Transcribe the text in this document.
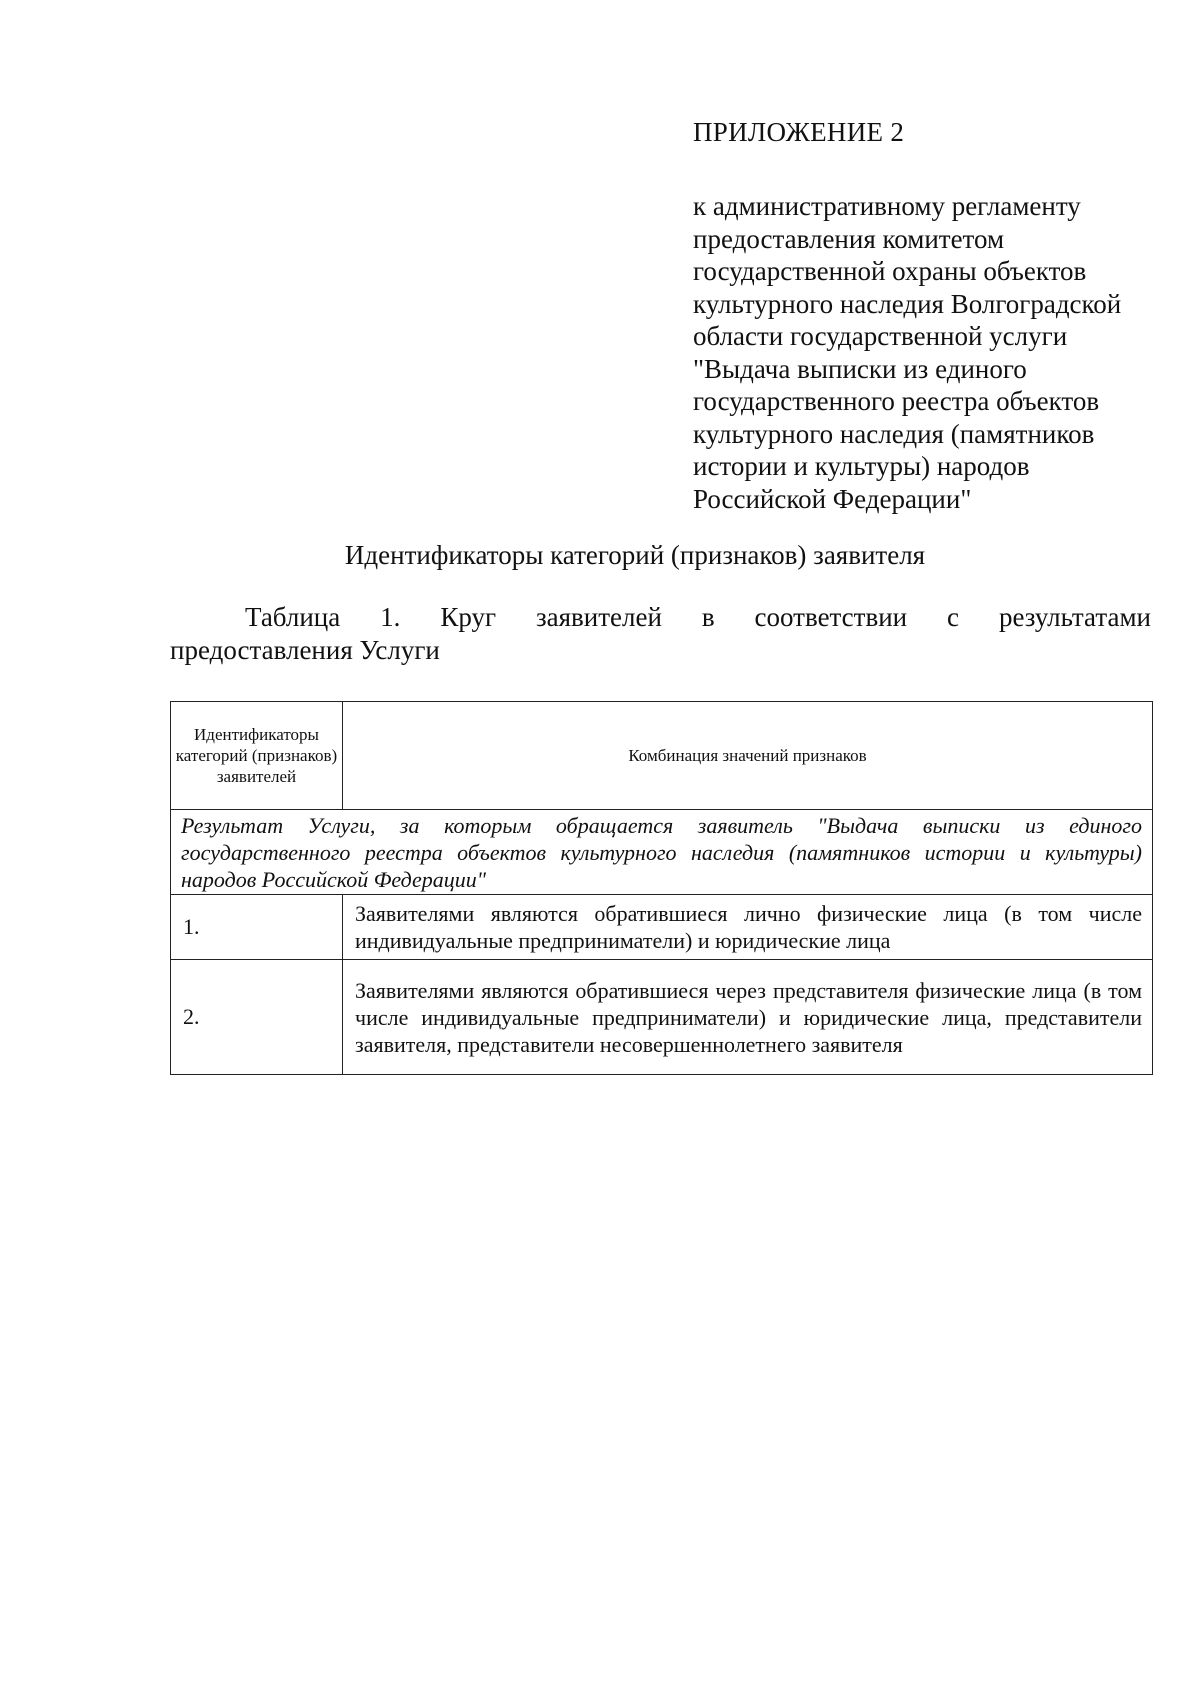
ПРИЛОЖЕНИЕ 2

к административному регламенту
предоставления комитетом
государственной охраны объектов
культурного наследия Волгоградской
области государственной услуги
"Выдача выписки из единого
государственного реестра объектов
культурного наследия (памятников
истории и культуры) народов
Российской Федерации"
Идентификаторы категорий (признаков) заявителя
Таблица 1. Круг заявителей в соответствии с результатами
предоставления Услуги
Идентификаторы категорий (признаков) заявителей	Комбинация значений признаков
Результат Услуги, за которым обращается заявитель "Выдача выписки из единого государственного реестра объектов культурного наследия (памятников истории и культуры) народов Российской Федерации"	
1.	Заявителями являются обратившиеся лично физические лица (в том числе индивидуальные предприниматели) и юридические лица
2.	Заявителями являются обратившиеся через представителя физические лица (в том числе индивидуальные предприниматели) и юридические лица, представители заявителя, представители несовершеннолетнего заявителя
